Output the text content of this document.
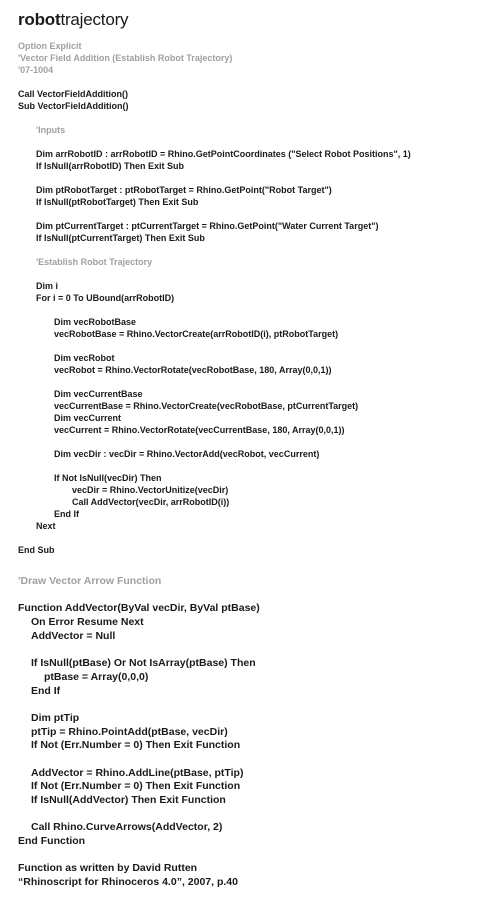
robottrajectory
Option Explicit
'Vector Field Addition (Establish Robot Trajectory)
'07-1004
Call VectorFieldAddition()
Sub VectorFieldAddition()
'Inputs
Dim arrRobotID : arrRobotID = Rhino.GetPointCoordinates ("Select Robot Positions", 1)
If IsNull(arrRobotID) Then Exit Sub
Dim ptRobotTarget : ptRobotTarget = Rhino.GetPoint("Robot Target")
If IsNull(ptRobotTarget) Then Exit Sub
Dim ptCurrentTarget : ptCurrentTarget = Rhino.GetPoint("Water Current Target")
If IsNull(ptCurrentTarget) Then Exit Sub
'Establish Robot Trajectory
Dim i
For i = 0 To UBound(arrRobotID)
Dim vecRobotBase
vecRobotBase = Rhino.VectorCreate(arrRobotID(i), ptRobotTarget)
Dim vecRobot
vecRobot = Rhino.VectorRotate(vecRobotBase, 180, Array(0,0,1))
Dim vecCurrentBase
vecCurrentBase = Rhino.VectorCreate(vecRobotBase, ptCurrentTarget)
Dim vecCurrent
vecCurrent = Rhino.VectorRotate(vecCurrentBase, 180, Array(0,0,1))
Dim vecDir : vecDir = Rhino.VectorAdd(vecRobot, vecCurrent)
If Not IsNull(vecDir) Then
vecDir = Rhino.VectorUnitize(vecDir)
Call AddVector(vecDir, arrRobotID(i))
End If
Next
End Sub
'Draw Vector Arrow Function
Function AddVector(ByVal vecDir, ByVal ptBase)
On Error Resume Next
AddVector = Null
If IsNull(ptBase) Or Not IsArray(ptBase) Then
ptBase = Array(0,0,0)
End If
Dim ptTip
ptTip = Rhino.PointAdd(ptBase, vecDir)
If Not (Err.Number = 0) Then Exit Function
AddVector = Rhino.AddLine(ptBase, ptTip)
If Not (Err.Number = 0) Then Exit Function
If IsNull(AddVector) Then Exit Function
Call Rhino.CurveArrows(AddVector, 2)
End Function
Function as written by David Rutten
“Rhinoscript for Rhinoceros 4.0”, 2007, p.40
